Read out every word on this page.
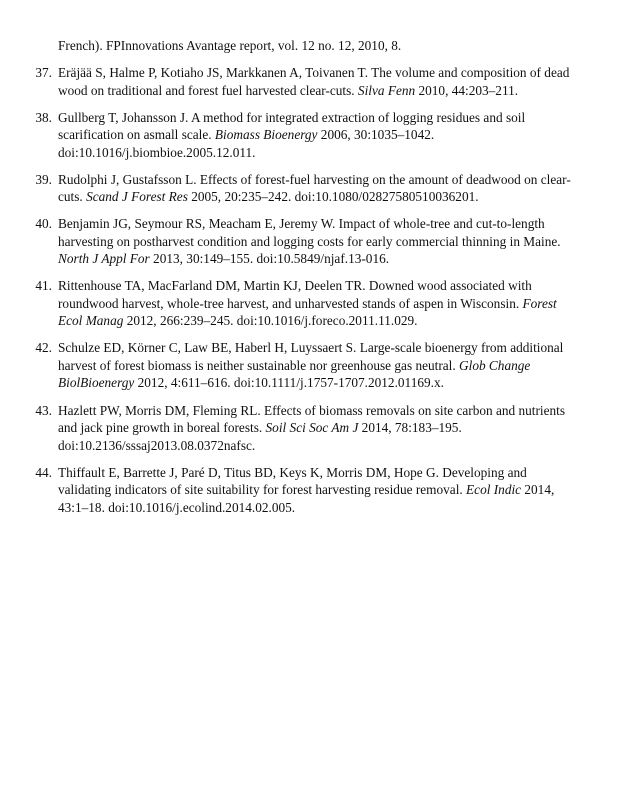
French). FPInnovations Avantage report, vol. 12 no. 12, 2010, 8.
37. Eräjää S, Halme P, Kotiaho JS, Markkanen A, Toivanen T. The volume and composition of dead wood on traditional and forest fuel harvested clear-cuts. Silva Fenn 2010, 44:203–211.
38. Gullberg T, Johansson J. A method for integrated extraction of logging residues and soil scarification on asmall scale. Biomass Bioenergy 2006, 30:1035–1042. doi:10.1016/j.biombioe.2005.12.011.
39. Rudolphi J, Gustafsson L. Effects of forest-fuel harvesting on the amount of deadwood on clear-cuts. Scand J Forest Res 2005, 20:235–242. doi:10.1080/02827580510036201.
40. Benjamin JG, Seymour RS, Meacham E, Jeremy W. Impact of whole-tree and cut-to-length harvesting on postharvest condition and logging costs for early commercial thinning in Maine. North J Appl For 2013, 30:149–155. doi:10.5849/njaf.13-016.
41. Rittenhouse TA, MacFarland DM, Martin KJ, Deelen TR. Downed wood associated with roundwood harvest, whole-tree harvest, and unharvested stands of aspen in Wisconsin. Forest Ecol Manag 2012, 266:239–245. doi:10.1016/j.foreco.2011.11.029.
42. Schulze ED, Körner C, Law BE, Haberl H, Luyssaert S. Large-scale bioenergy from additional harvest of forest biomass is neither sustainable nor greenhouse gas neutral. Glob Change BiolBioenergy 2012, 4:611–616. doi:10.1111/j.1757-1707.2012.01169.x.
43. Hazlett PW, Morris DM, Fleming RL. Effects of biomass removals on site carbon and nutrients and jack pine growth in boreal forests. Soil Sci Soc Am J 2014, 78:183–195. doi:10.2136/sssaj2013.08.0372nafsc.
44. Thiffault E, Barrette J, Paré D, Titus BD, Keys K, Morris DM, Hope G. Developing and validating indicators of site suitability for forest harvesting residue removal. Ecol Indic 2014, 43:1–18. doi:10.1016/j.ecolind.2014.02.005.
